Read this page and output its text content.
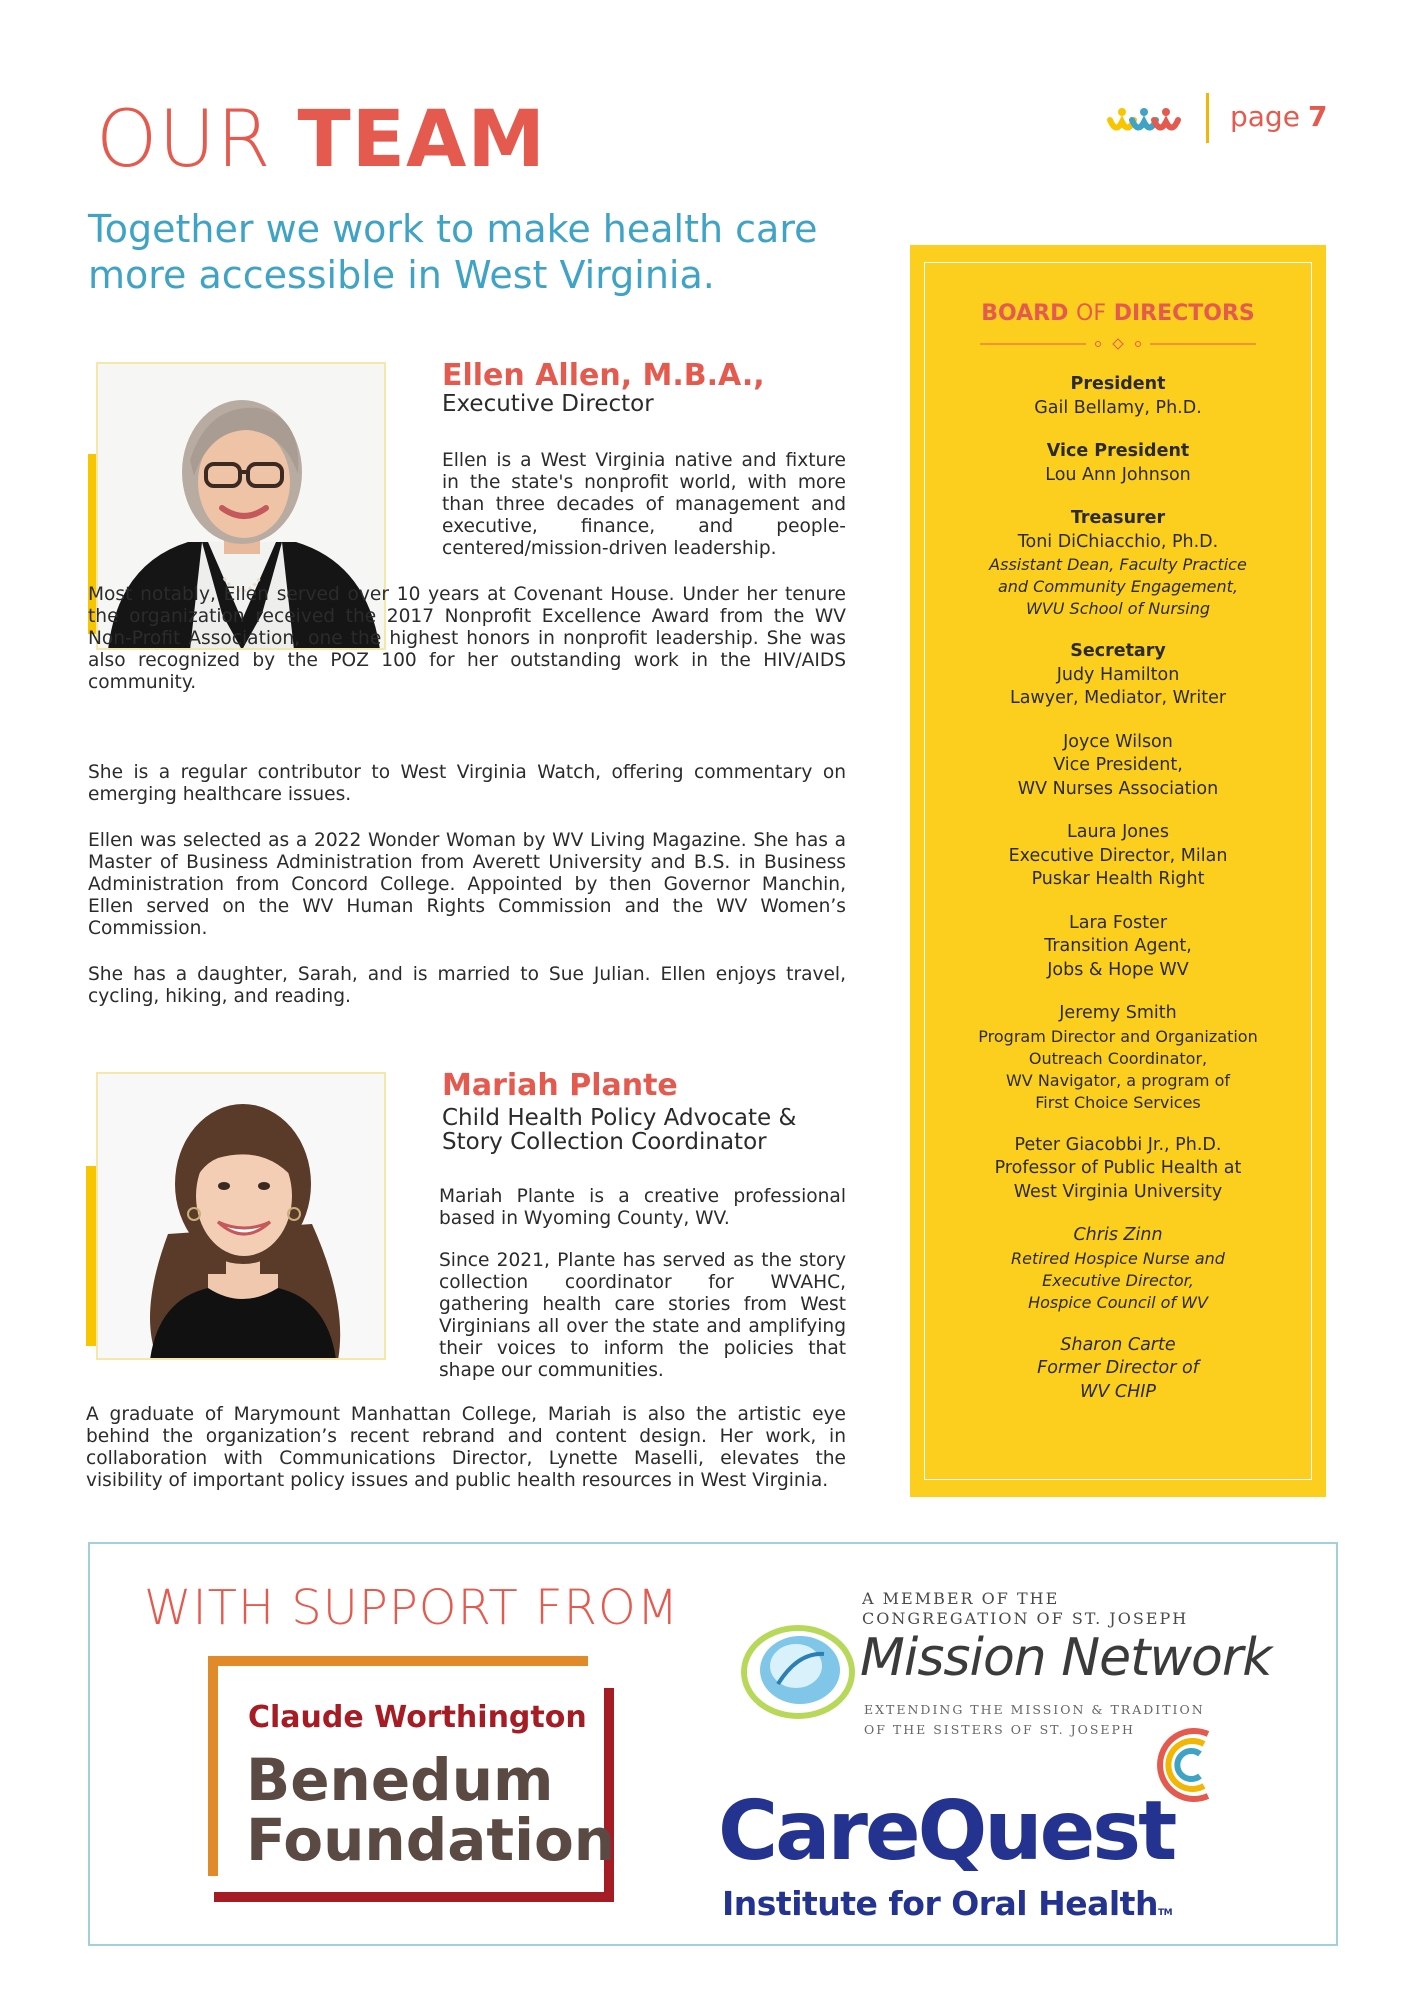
OUR TEAM	page 7
Together we work to make health care more accessible in West Virginia.
Ellen Allen, M.B.A.,
Executive Director

Ellen is a West Virginia native and fixture in the state's nonprofit world, with more than three decades of management and executive, finance, and people-centered/mission-driven leadership.

Most notably, Ellen served over 10 years at Covenant House. Under her tenure the organization received the 2017 Nonprofit Excellence Award from the WV Non-Profit Association, one the highest honors in nonprofit leadership. She was also recognized by the POZ 100 for her outstanding work in the HIV/AIDS community.

She is a regular contributor to West Virginia Watch, offering commentary on emerging healthcare issues.

Ellen was selected as a 2022 Wonder Woman by WV Living Magazine. She has a Master of Business Administration from Averett University and B.S. in Business Administration from Concord College. Appointed by then Governor Manchin, Ellen served on the WV Human Rights Commission and the WV Women’s Commission.

She has a daughter, Sarah, and is married to Sue Julian. Ellen enjoys travel, cycling, hiking, and reading.

Mariah Plante
Child Health Policy Advocate &
Story Collection Coordinator

Mariah Plante is a creative professional based in Wyoming County, WV.

Since 2021, Plante has served as the story collection coordinator for WVAHC, gathering health care stories from West Virginians all over the state and amplifying their voices to inform the policies that shape our communities.

A graduate of Marymount Manhattan College, Mariah is also the artistic eye behind the organization’s recent rebrand and content design. Her work, in collaboration with Communications Director, Lynette Maselli, elevates the visibility of important policy issues and public health resources in West Virginia.

BOARD OF DIRECTORS
President
Gail Bellamy, Ph.D.
Vice President
Lou Ann Johnson
Treasurer
Toni DiChiacchio, Ph.D.
Assistant Dean, Faculty Practice
and Community Engagement,
WVU School of Nursing
Secretary
Judy Hamilton
Lawyer, Mediator, Writer
Joyce Wilson
Vice President,
WV Nurses Association
Laura Jones
Executive Director, Milan
Puskar Health Right
Lara Foster
Transition Agent,
Jobs & Hope WV
Jeremy Smith
Program Director and Organization
Outreach Coordinator,
WV Navigator, a program of
First Choice Services
Peter Giacobbi Jr., Ph.D.
Professor of Public Health at
West Virginia University
Chris Zinn
Retired Hospice Nurse and
Executive Director,
Hospice Council of WV
Sharon Carte
Former Director of
WV CHIP
WITH SUPPORT FROM
Claude Worthington
Benedum
Foundation
A MEMBER OF THE
CONGREGATION OF ST. JOSEPH
Mission Network
EXTENDING THE MISSION & TRADITION
OF THE SISTERS OF ST. JOSEPH
CareQuest
Institute for Oral HealthTM
